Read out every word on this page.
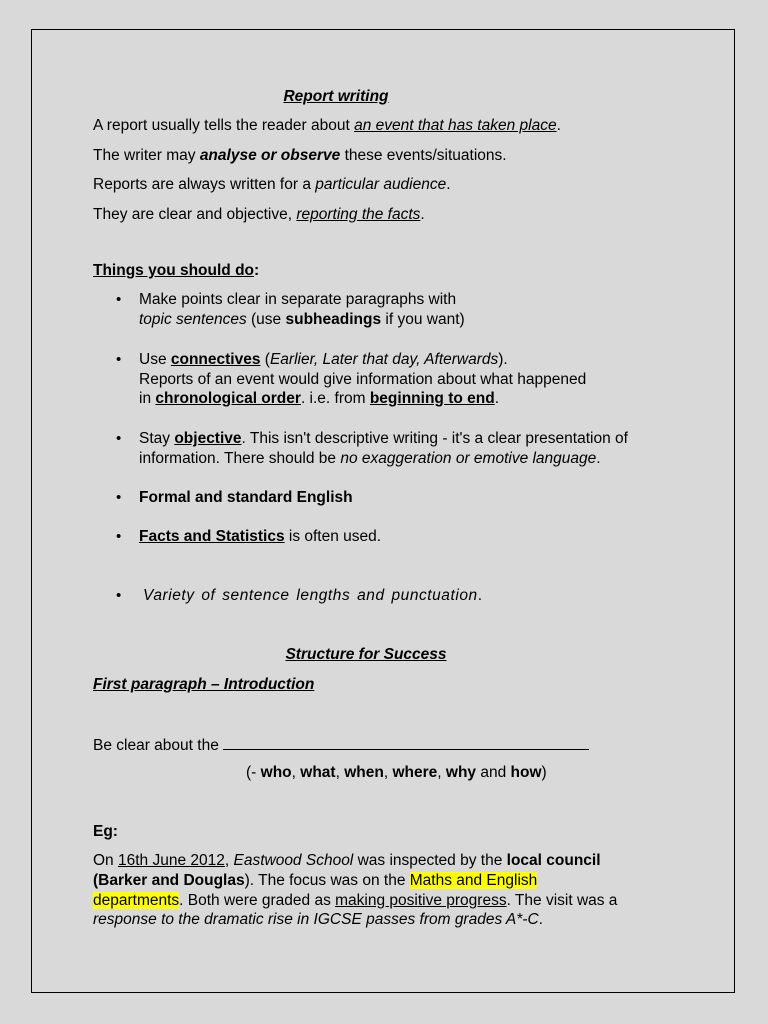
Report writing
A report usually tells the reader about an event that has taken place.
The writer may analyse or observe these events/situations.
Reports are always written for a particular audience.
They are clear and objective, reporting the facts.
Things you should do:
• Make points clear in separate paragraphs with
topic sentences (use subheadings if you want)
• Use connectives (Earlier, Later that day, Afterwards).
Reports of an event would give information about what happened
in chronological order. i.e. from beginning to end.
• Stay objective. This isn't descriptive writing - it's a clear presentation of
information. There should be no exaggeration or emotive language.
• Formal and standard English
• Facts and Statistics is often used.
• Variety of sentence lengths and punctuation.
Structure for Success
First paragraph – Introduction
Be clear about the
(- who, what, when, where, why and how)
Eg:
On 16th June 2012, Eastwood School was inspected by the local council
(Barker and Douglas). The focus was on the Maths and English
departments. Both were graded as making positive progress. The visit was a
response to the dramatic rise in IGCSE passes from grades A*-C.
